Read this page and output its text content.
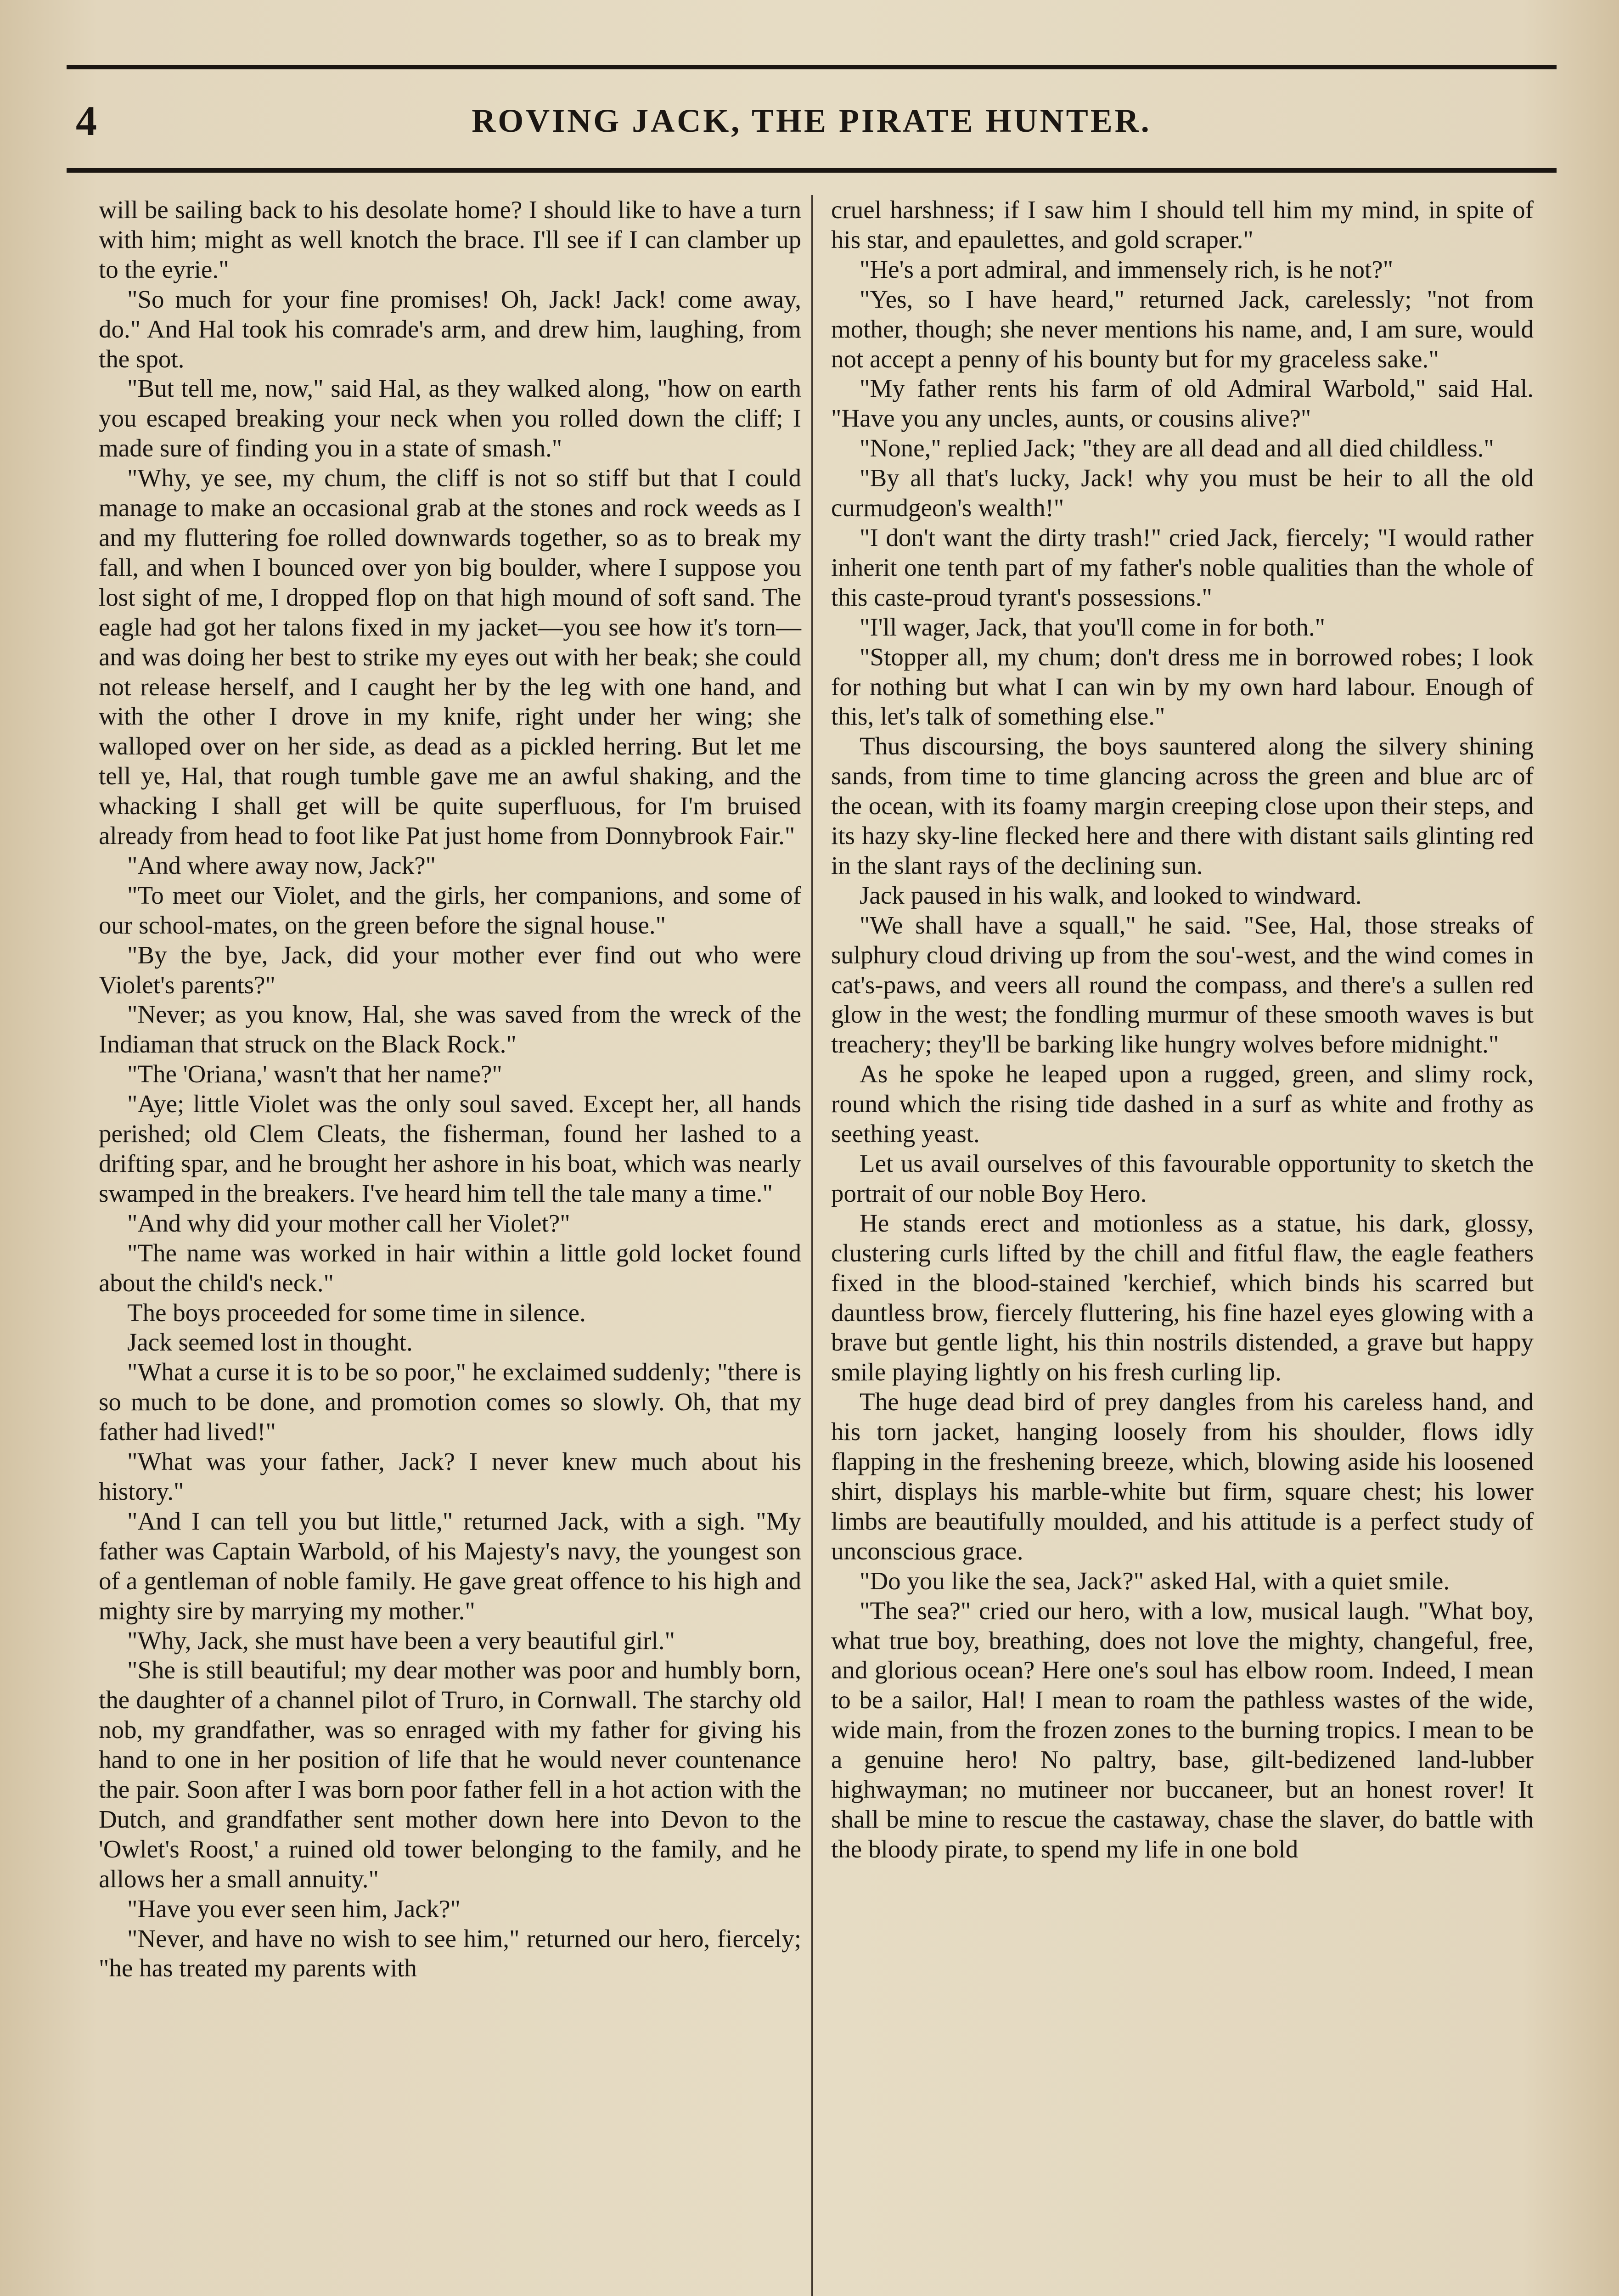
4	ROVING JACK, THE PIRATE HUNTER.

will be sailing back to his desolate home? I should like to have a turn with him; might as well knotch the brace. I'll see if I can clamber up to the eyrie."

"So much for your fine promises! Oh, Jack! Jack! come away, do." And Hal took his comrade's arm, and drew him, laughing, from the spot.

"But tell me, now," said Hal, as they walked along, "how on earth you escaped breaking your neck when you rolled down the cliff; I made sure of finding you in a state of smash."

"Why, ye see, my chum, the cliff is not so stiff but that I could manage to make an occasional grab at the stones and rock weeds as I and my fluttering foe rolled downwards together, so as to break my fall, and when I bounced over yon big boulder, where I suppose you lost sight of me, I dropped flop on that high mound of soft sand. The eagle had got her talons fixed in my jacket—you see how it's torn—and was doing her best to strike my eyes out with her beak; she could not release herself, and I caught her by the leg with one hand, and with the other I drove in my knife, right under her wing; she walloped over on her side, as dead as a pickled herring. But let me tell ye, Hal, that rough tumble gave me an awful shaking, and the whacking I shall get will be quite superfluous, for I'm bruised already from head to foot like Pat just home from Donnybrook Fair."

"And where away now, Jack?"

"To meet our Violet, and the girls, her companions, and some of our school-mates, on the green before the signal house."

"By the bye, Jack, did your mother ever find out who were Violet's parents?"

"Never; as you know, Hal, she was saved from the wreck of the Indiaman that struck on the Black Rock."

"The 'Oriana,' wasn't that her name?"

"Aye; little Violet was the only soul saved. Except her, all hands perished; old Clem Cleats, the fisherman, found her lashed to a drifting spar, and he brought her ashore in his boat, which was nearly swamped in the breakers. I've heard him tell the tale many a time."

"And why did your mother call her Violet?"

"The name was worked in hair within a little gold locket found about the child's neck."

The boys proceeded for some time in silence.

Jack seemed lost in thought.

"What a curse it is to be so poor," he exclaimed suddenly; "there is so much to be done, and promotion comes so slowly. Oh, that my father had lived!"

"What was your father, Jack? I never knew much about his history."

"And I can tell you but little," returned Jack, with a sigh. "My father was Captain Warbold, of his Majesty's navy, the youngest son of a gentleman of noble family. He gave great offence to his high and mighty sire by marrying my mother."

"Why, Jack, she must have been a very beautiful girl."

"She is still beautiful; my dear mother was poor and humbly born, the daughter of a channel pilot of Truro, in Cornwall. The starchy old nob, my grandfather, was so enraged with my father for giving his hand to one in her position of life that he would never countenance the pair. Soon after I was born poor father fell in a hot action with the Dutch, and grandfather sent mother down here into Devon to the 'Owlet's Roost,' a ruined old tower belonging to the family, and he allows her a small annuity."

"Have you ever seen him, Jack?"

"Never, and have no wish to see him," returned our hero, fiercely; "he has treated my parents with

cruel harshness; if I saw him I should tell him my mind, in spite of his star, and epaulettes, and gold scraper."

"He's a port admiral, and immensely rich, is he not?"

"Yes, so I have heard," returned Jack, carelessly; "not from mother, though; she never mentions his name, and, I am sure, would not accept a penny of his bounty but for my graceless sake."

"My father rents his farm of old Admiral Warbold," said Hal. "Have you any uncles, aunts, or cousins alive?"

"None," replied Jack; "they are all dead and all died childless."

"By all that's lucky, Jack! why you must be heir to all the old curmudgeon's wealth!"

"I don't want the dirty trash!" cried Jack, fiercely; "I would rather inherit one tenth part of my father's noble qualities than the whole of this caste-proud tyrant's possessions."

"I'll wager, Jack, that you'll come in for both."

"Stopper all, my chum; don't dress me in borrowed robes; I look for nothing but what I can win by my own hard labour. Enough of this, let's talk of something else."

Thus discoursing, the boys sauntered along the silvery shining sands, from time to time glancing across the green and blue arc of the ocean, with its foamy margin creeping close upon their steps, and its hazy sky-line flecked here and there with distant sails glinting red in the slant rays of the declining sun.

Jack paused in his walk, and looked to windward.

"We shall have a squall," he said. "See, Hal, those streaks of sulphury cloud driving up from the sou'-west, and the wind comes in cat's-paws, and veers all round the compass, and there's a sullen red glow in the west; the fondling murmur of these smooth waves is but treachery; they'll be barking like hungry wolves before midnight."

As he spoke he leaped upon a rugged, green, and slimy rock, round which the rising tide dashed in a surf as white and frothy as seething yeast.

Let us avail ourselves of this favourable opportunity to sketch the portrait of our noble Boy Hero.

He stands erect and motionless as a statue, his dark, glossy, clustering curls lifted by the chill and fitful flaw, the eagle feathers fixed in the blood-stained 'kerchief, which binds his scarred but dauntless brow, fiercely fluttering, his fine hazel eyes glowing with a brave but gentle light, his thin nostrils distended, a grave but happy smile playing lightly on his fresh curling lip.

The huge dead bird of prey dangles from his careless hand, and his torn jacket, hanging loosely from his shoulder, flows idly flapping in the freshening breeze, which, blowing aside his loosened shirt, displays his marble-white but firm, square chest; his lower limbs are beautifully moulded, and his attitude is a perfect study of unconscious grace.

"Do you like the sea, Jack?" asked Hal, with a quiet smile.

"The sea?" cried our hero, with a low, musical laugh. "What boy, what true boy, breathing, does not love the mighty, changeful, free, and glorious ocean? Here one's soul has elbow room. Indeed, I mean to be a sailor, Hal! I mean to roam the pathless wastes of the wide, wide main, from the frozen zones to the burning tropics. I mean to be a genuine hero! No paltry, base, gilt-bedizened land-lubber highwayman; no mutineer nor buccaneer, but an honest rover! It shall be mine to rescue the castaway, chase the slaver, do battle with the bloody pirate, to spend my life in one bold
